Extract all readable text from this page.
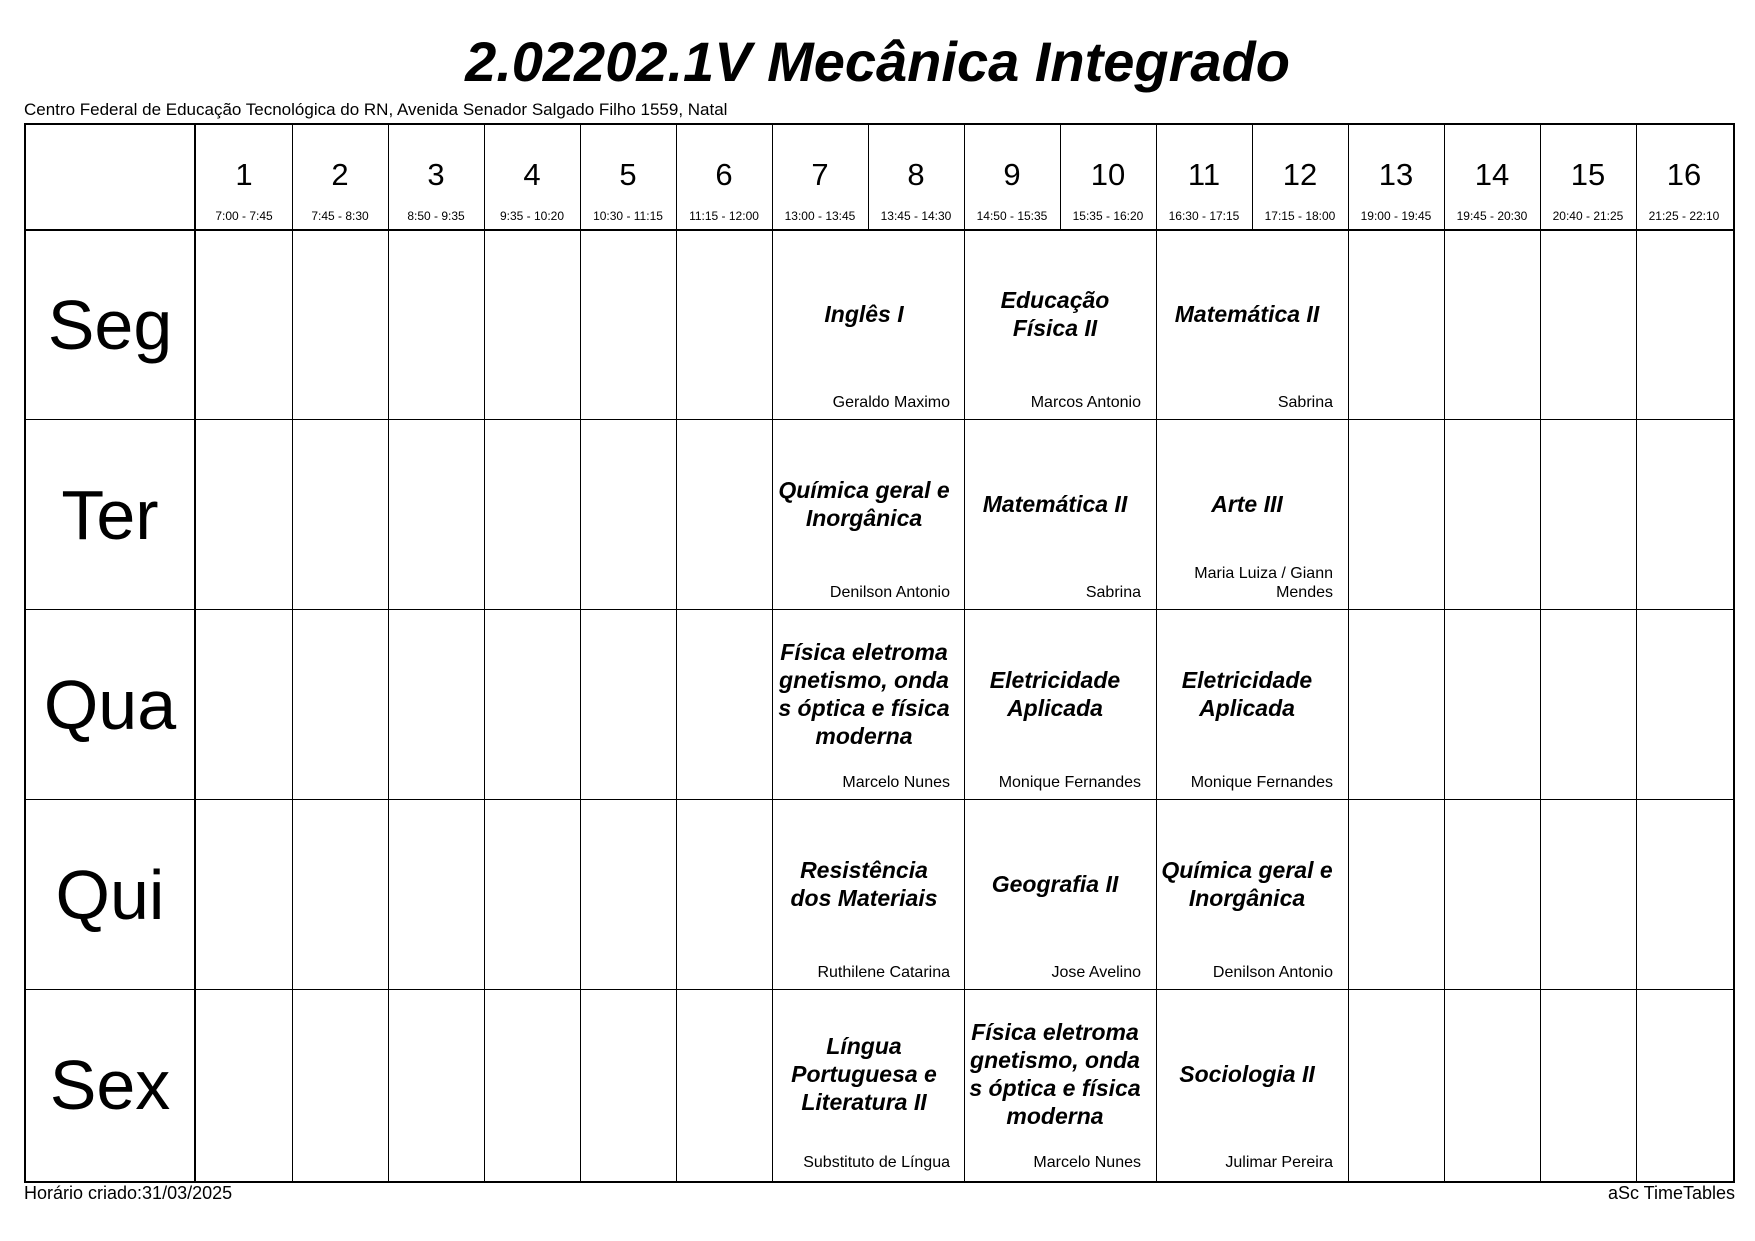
2.02202.1V Mecânica Integrado
Centro Federal de Educação Tecnológica do RN, Avenida Senador Salgado Filho 1559, Natal
Seg
Ter
Qua
Qui
Sex
Inglês I
Geraldo Maximo
Educação Física II
Marcos Antonio
Matemática II
Sabrina
Química geral e Inorgânica
Denilson Antonio
Matemática II
Sabrina
Arte III
Maria Luiza / Giann Mendes
Física eletromagnetismo, ondas óptica e física moderna
Marcelo Nunes
Eletricidade Aplicada
Monique Fernandes
Eletricidade Aplicada
Monique Fernandes
Resistência dos Materiais
Ruthilene Catarina
Geografia II
Jose Avelino
Química geral e Inorgânica
Denilson Antonio
Língua Portuguesa e Literatura II
Substituto de Língua
Física eletromagnetismo, ondas óptica e física moderna
Marcelo Nunes
Sociologia II
Julimar Pereira
1
7:00 - 7:45
2
7:45 - 8:30
3
8:50 - 9:35
4
9:35 - 10:20
5
10:30 - 11:15
6
11:15 - 12:00
7
13:00 - 13:45
8
13:45 - 14:30
9
14:50 - 15:35
10
15:35 - 16:20
11
16:30 - 17:15
12
17:15 - 18:00
13
19:00 - 19:45
14
19:45 - 20:30
15
20:40 - 21:25
16
21:25 - 22:10
Horário criado:31/03/2025	aSc TimeTables
